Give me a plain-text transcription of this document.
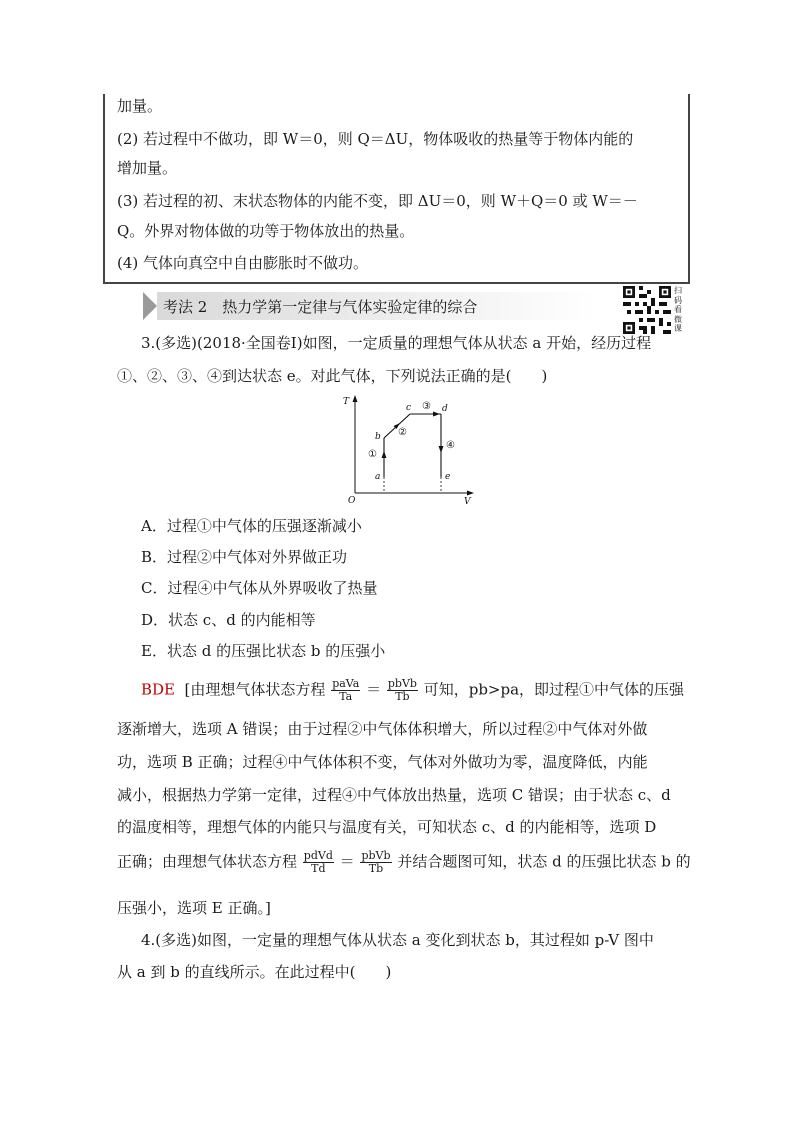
加量。
(2) 若过程中不做功，即 W＝0，则 Q＝ΔU，物体吸收的热量等于物体内能的
增加量。
(3) 若过程的初、末状态物体的内能不变，即 ΔU＝0，则 W＋Q＝0 或 W＝－
Q。外界对物体做的功等于物体放出的热量。
(4) 气体向真空中自由膨胀时不做功。
考法 2　热力学第一定律与气体实验定律的综合
扫码看微课
3.(多选)(2018·全国卷Ⅰ)如图，一定质量的理想气体从状态 a 开始，经历过程
①、②、③、④到达状态 e。对此气体，下列说法正确的是(　　)
T
V
O
a
b
c	d
e
①
②
③
④
A．过程①中气体的压强逐渐减小
B．过程②中气体对外界做正功
C．过程④中气体从外界吸收了热量
D．状态 c、d 的内能相等
E．状态 d 的压强比状态 b 的压强小
BDE [由理想气体状态方程 $\frac{\text{paVa}}{Ta} = \frac{\text{pbVb}}{Tb}$ 可知，pb>pa，即过程①中气体的压强
逐渐增大，选项 A 错误；由于过程②中气体体积增大，所以过程②中气体对外做
功，选项 B 正确；过程④中气体体积不变，气体对外做功为零，温度降低，内能
减小，根据热力学第一定律，过程④中气体放出热量，选项 C 错误；由于状态 c、d
的温度相等，理想气体的内能只与温度有关，可知状态 c、d 的内能相等，选项 D
正确；由理想气体状态方程 $\frac{\text{pdVd}}{Td} = \frac{\text{pbVb}}{Tb}$ 并结合题图可知，状态 d 的压强比状态 b 的
压强小，选项 E 正确。]
4.(多选)如图，一定量的理想气体从状态 a 变化到状态 b，其过程如 p-V 图中
从 a 到 b 的直线所示。在此过程中(　　)
